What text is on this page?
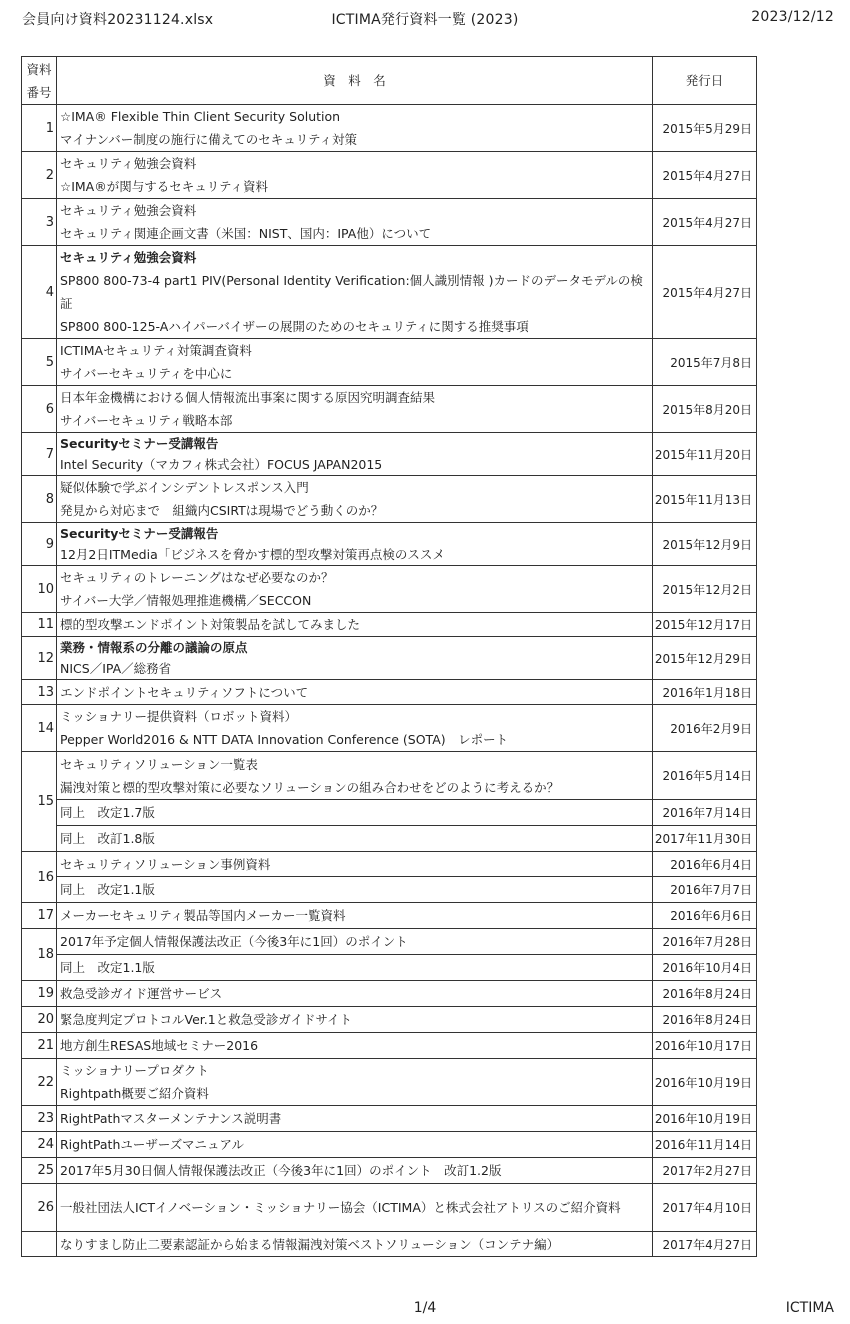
会員向け資料20231124.xlsx	ICTIMA発行資料一覧 (2023)	2023/12/12
資料
番号	資　料　名	発行日
1	☆IMA® Flexible Thin Client Security Solution
マイナンバー制度の施行に備えてのセキュリティ対策	2015年5月29日
2	セキュリティ勉強会資料
☆IMA®が関与するセキュリティ資料	2015年4月27日
3	セキュリティ勉強会資料
セキュリティ関連企画文書（米国：NIST、国内：IPA他）について	2015年4月27日
4	セキュリティ勉強会資料
SP800 800-73-4 part1 PIV(Personal Identity Verification:個人識別情報 )カードのデータモデルの検証
SP800 800-125-Aハイパーバイザーの展開のためのセキュリティに関する推奨事項	2015年4月27日
5	ICTIMAセキュリティ対策調査資料
サイバーセキュリティを中心に	2015年7月8日
6	日本年金機構における個人情報流出事案に関する原因究明調査結果
サイバーセキュリティ戦略本部	2015年8月20日
7	Securityセミナー受講報告
Intel Security（マカフィ株式会社）FOCUS JAPAN2015	2015年11月20日
8	疑似体験で学ぶインシデントレスポンス入門
発見から対応まで　組織内CSIRTは現場でどう動くのか？	2015年11月13日
9	Securityセミナー受講報告
12月2日ITMedia「ビジネスを脅かす標的型攻撃対策再点検のススメ	2015年12月9日
10	セキュリティのトレーニングはなぜ必要なのか？
サイバー大学／情報処理推進機構／SECCON	2015年12月2日
11	標的型攻撃エンドポイント対策製品を試してみました	2015年12月17日
12	業務・情報系の分離の議論の原点
NICS／IPA／総務省	2015年12月29日
13	エンドポイントセキュリティソフトについて	2016年1月18日
14	ミッショナリー提供資料（ロボット資料）
Pepper World2016 & NTT DATA Innovation Conference (SOTA)　レポート	2016年2月9日
15	セキュリティソリューション一覧表
漏洩対策と標的型攻撃対策に必要なソリューションの組み合わせをどのように考えるか？	2016年5月14日

	同上　改定1.7版	2016年7月14日

	同上　改訂1.8版	2017年11月30日
16	セキュリティソリューション事例資料	2016年6月4日

	同上　改定1.1版	2016年7月7日
17	メーカーセキュリティ製品等国内メーカー一覧資料	2016年6月6日
18	2017年予定個人情報保護法改正（今後3年に1回）のポイント	2016年7月28日

	同上　改定1.1版	2016年10月4日
19	救急受診ガイド運営サービス	2016年8月24日
20	緊急度判定プロトコルVer.1と救急受診ガイドサイト	2016年8月24日
21	地方創生RESAS地域セミナー2016	2016年10月17日
22	ミッショナリープロダクト
Rightpath概要ご紹介資料	2016年10月19日
23	RightPathマスターメンテナンス説明書	2016年10月19日
24	RightPathユーザーズマニュアル	2016年11月14日
25	2017年5月30日個人情報保護法改正（今後3年に1回）のポイント　改訂1.2版	2017年2月27日
26	一般社団法人ICTイノベーション・ミッショナリー協会（ICTIMA）と株式会社アトリスのご紹介資料	2017年4月10日

	なりすまし防止二要素認証から始まる情報漏洩対策ベストソリューション（コンテナ編）	2017年4月27日
1/4	ICTIMA
